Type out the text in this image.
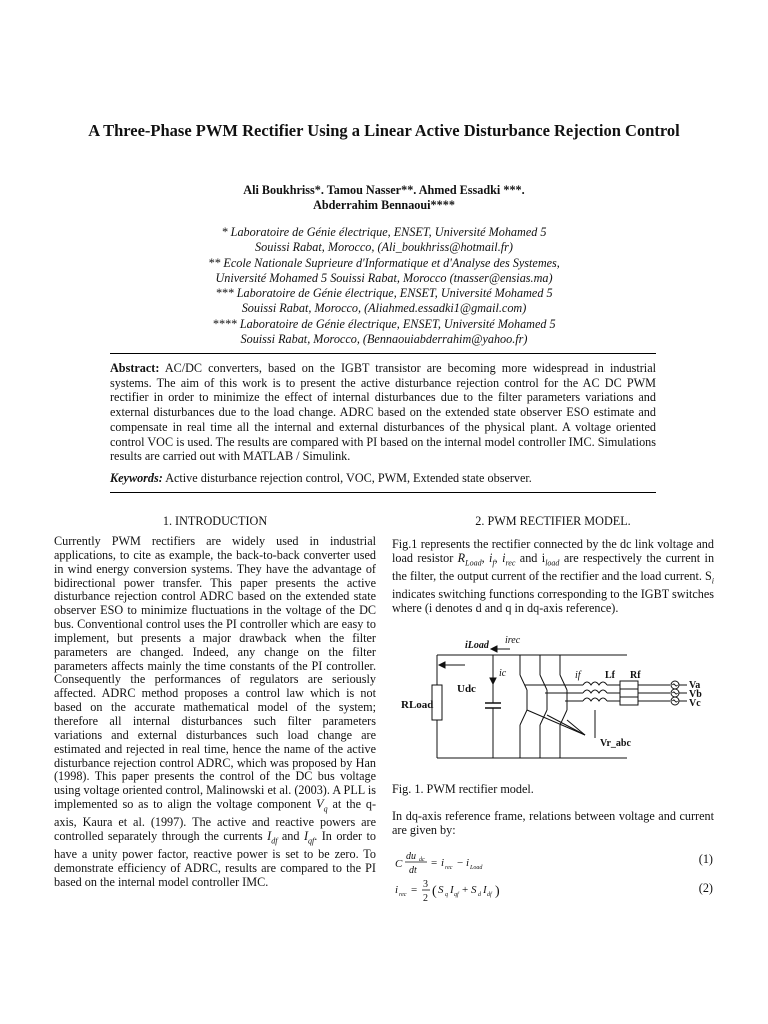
A Three-Phase PWM Rectifier Using a Linear Active Disturbance Rejection Control
Ali Boukhriss*. Tamou Nasser**. Ahmed Essadki ***.
Abderrahim Bennaoui****
* Laboratoire de Génie électrique, ENSET, Université Mohamed 5
Souissi Rabat, Morocco, (Ali_boukhriss@hotmail.fr)
** Ecole Nationale Suprieure d'Informatique et d'Analyse des Systemes,
Université Mohamed 5 Souissi Rabat, Morocco (tnasser@ensias.ma)
*** Laboratoire de Génie électrique, ENSET, Université Mohamed 5
Souissi Rabat, Morocco, (Aliahmed.essadki1@gmail.com)
**** Laboratoire de Génie électrique, ENSET, Université Mohamed 5
Souissi Rabat, Morocco, (Bennaouiabderrahim@yahoo.fr)
Abstract: AC/DC converters, based on the IGBT transistor are becoming more widespread in industrial systems. The aim of this work is to present the active disturbance rejection control for the AC DC PWM rectifier in order to minimize the effect of internal disturbances due to the filter parameters variations and external disturbances due to the load change. ADRC based on the extended state observer ESO estimate and compensate in real time all the internal and external disturbances of the physical plant. A voltage oriented control VOC is used. The results are compared with PI based on the internal model controller IMC. Simulations results are carried out with MATLAB / Simulink.
Keywords: Active disturbance rejection control, VOC, PWM, Extended state observer.
1. INTRODUCTION	2. PWM RECTIFIER MODEL.
Currently PWM rectifiers are widely used in industrial applications, to cite as example, the back-to-back converter used in wind energy conversion systems. They have the advantage of bidirectional power transfer. This paper presents the active disturbance rejection control ADRC based on the extended state observer ESO to minimize fluctuations in the voltage of the DC bus. Conventional control uses the PI controller which are easy to implement, but presents a major drawback when the filter parameters are changed. Indeed, any change on the filter parameters affects mainly the time constants of the PI controller. Consequently the performances of regulators are seriously affected. ADRC method proposes a control law which is not based on the accurate mathematical model of the system; therefore all internal disturbances such filter parameters variations and external disturbances such load change are estimated and rejected in real time, hence the name of the active disturbance rejection control ADRC, which was proposed by Han (1998). This paper presents the control of the DC bus voltage using voltage oriented control, Malinowski et al. (2003). A PLL is implemented so as to align the voltage component $V_q$ at the q-axis, Kaura et al. (1997). The active and reactive powers are controlled separately through the currents $I_{df}$ and $I_{qf}$. In order to have a unity power factor, reactive power is set to be zero. To demonstrate efficiency of ADRC, results are compared to the PI based on the internal model controller IMC.
Fig.1 represents the rectifier connected by the dc link voltage and load resistor $R_{Load}$, $i_f$, $i_{rec}$ and $i_{load}$ are respectively the current in the filter, the output current of the rectifier and the load current. $S_i$ indicates switching functions corresponding to the IGBT switches where (i denotes d and q in dq-axis reference).
iLoad irec
ic
Udc
RLoad
if Lf Rf
Va
Vb
Vc
Vr_abc
Fig. 1. PWM rectifier model.
In dq-axis reference frame, relations between voltage and current are given by:
C
du dc
dt
= i rec − i Load
(1)
i rec = 3
2 ( S q I qf + S d I df )	(2)
